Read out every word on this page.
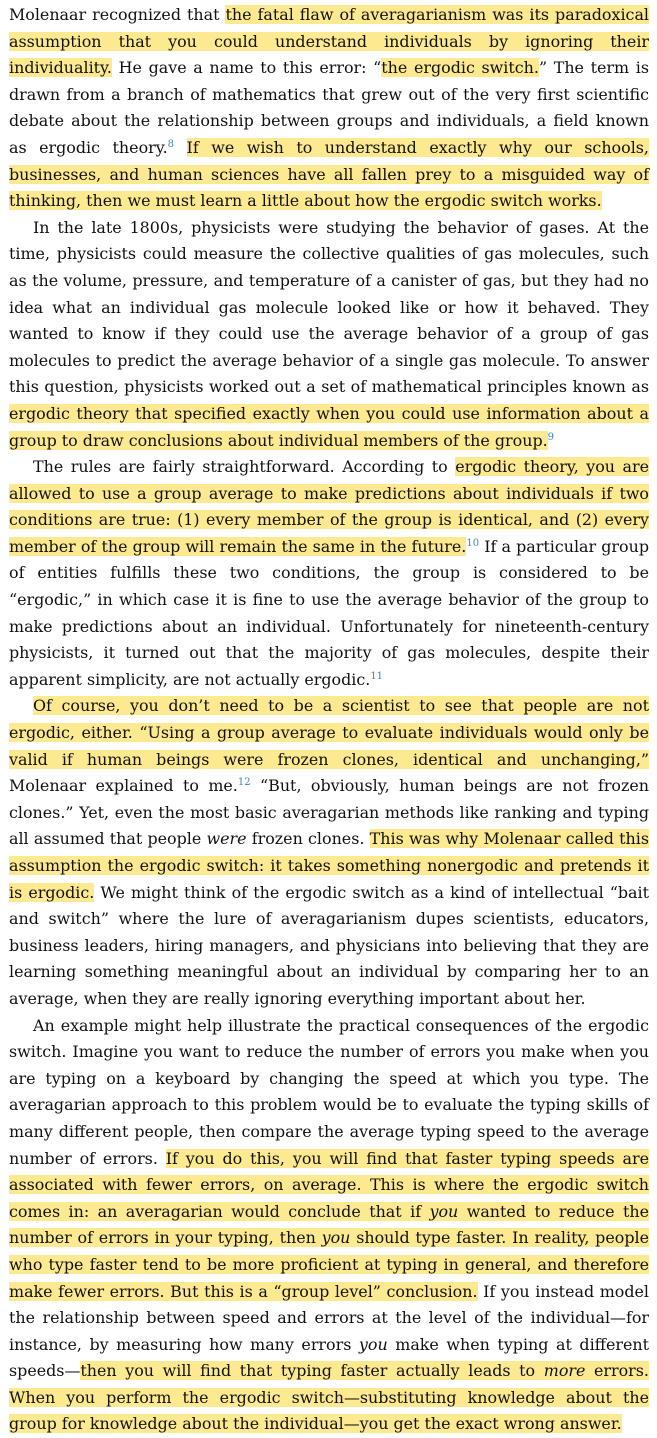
Molenaar recognized that the fatal flaw of averagarianism was its paradoxical assumption that you could understand individuals by ignoring their individuality. He gave a name to this error: “the ergodic switch.” The term is drawn from a branch of mathematics that grew out of the very first scientific debate about the relationship between groups and individuals, a field known as ergodic theory.$^8$ If we wish to understand exactly why our schools, businesses, and human sciences have all fallen prey to a misguided way of thinking, then we must learn a little about how the ergodic switch works.

In the late 1800s, physicists were studying the behavior of gases. At the time, physicists could measure the collective qualities of gas molecules, such as the volume, pressure, and temperature of a canister of gas, but they had no idea what an individual gas molecule looked like or how it behaved. They wanted to know if they could use the average behavior of a group of gas molecules to predict the average behavior of a single gas molecule. To answer this question, physicists worked out a set of mathematical principles known as ergodic theory that specified exactly when you could use information about a group to draw conclusions about individual members of the group.$^9$

The rules are fairly straightforward. According to ergodic theory, you are allowed to use a group average to make predictions about individuals if two conditions are true: (1) every member of the group is identical, and (2) every member of the group will remain the same in the future.$^{10}$ If a particular group of entities fulfills these two conditions, the group is considered to be “ergodic,” in which case it is fine to use the average behavior of the group to make predictions about an individual. Unfortunately for nineteenth-century physicists, it turned out that the majority of gas molecules, despite their apparent simplicity, are not actually ergodic.$^{11}$

Of course, you don’t need to be a scientist to see that people are not ergodic, either. “Using a group average to evaluate individuals would only be valid if human beings were frozen clones, identical and unchanging,” Molenaar explained to me.$^{12}$ “But, obviously, human beings are not frozen clones.” Yet, even the most basic averagarian methods like ranking and typing all assumed that people were frozen clones. This was why Molenaar called this assumption the ergodic switch: it takes something nonergodic and pretends it is ergodic. We might think of the ergodic switch as a kind of intellectual “bait and switch” where the lure of averagarianism dupes scientists, educators, business leaders, hiring managers, and physicians into believing that they are learning something meaningful about an individual by comparing her to an average, when they are really ignoring everything important about her.

An example might help illustrate the practical consequences of the ergodic switch. Imagine you want to reduce the number of errors you make when you are typing on a keyboard by changing the speed at which you type. The averagarian approach to this problem would be to evaluate the typing skills of many different people, then compare the average typing speed to the average number of errors. If you do this, you will find that faster typing speeds are associated with fewer errors, on average. This is where the ergodic switch comes in: an averagarian would conclude that if you wanted to reduce the number of errors in your typing, then you should type faster. In reality, people who type faster tend to be more proficient at typing in general, and therefore make fewer errors. But this is a “group level” conclusion. If you instead model the relationship between speed and errors at the level of the individual—for instance, by measuring how many errors you make when typing at different speeds—then you will find that typing faster actually leads to more errors. When you perform the ergodic switch—substituting knowledge about the group for knowledge about the individual—you get the exact wrong answer.
